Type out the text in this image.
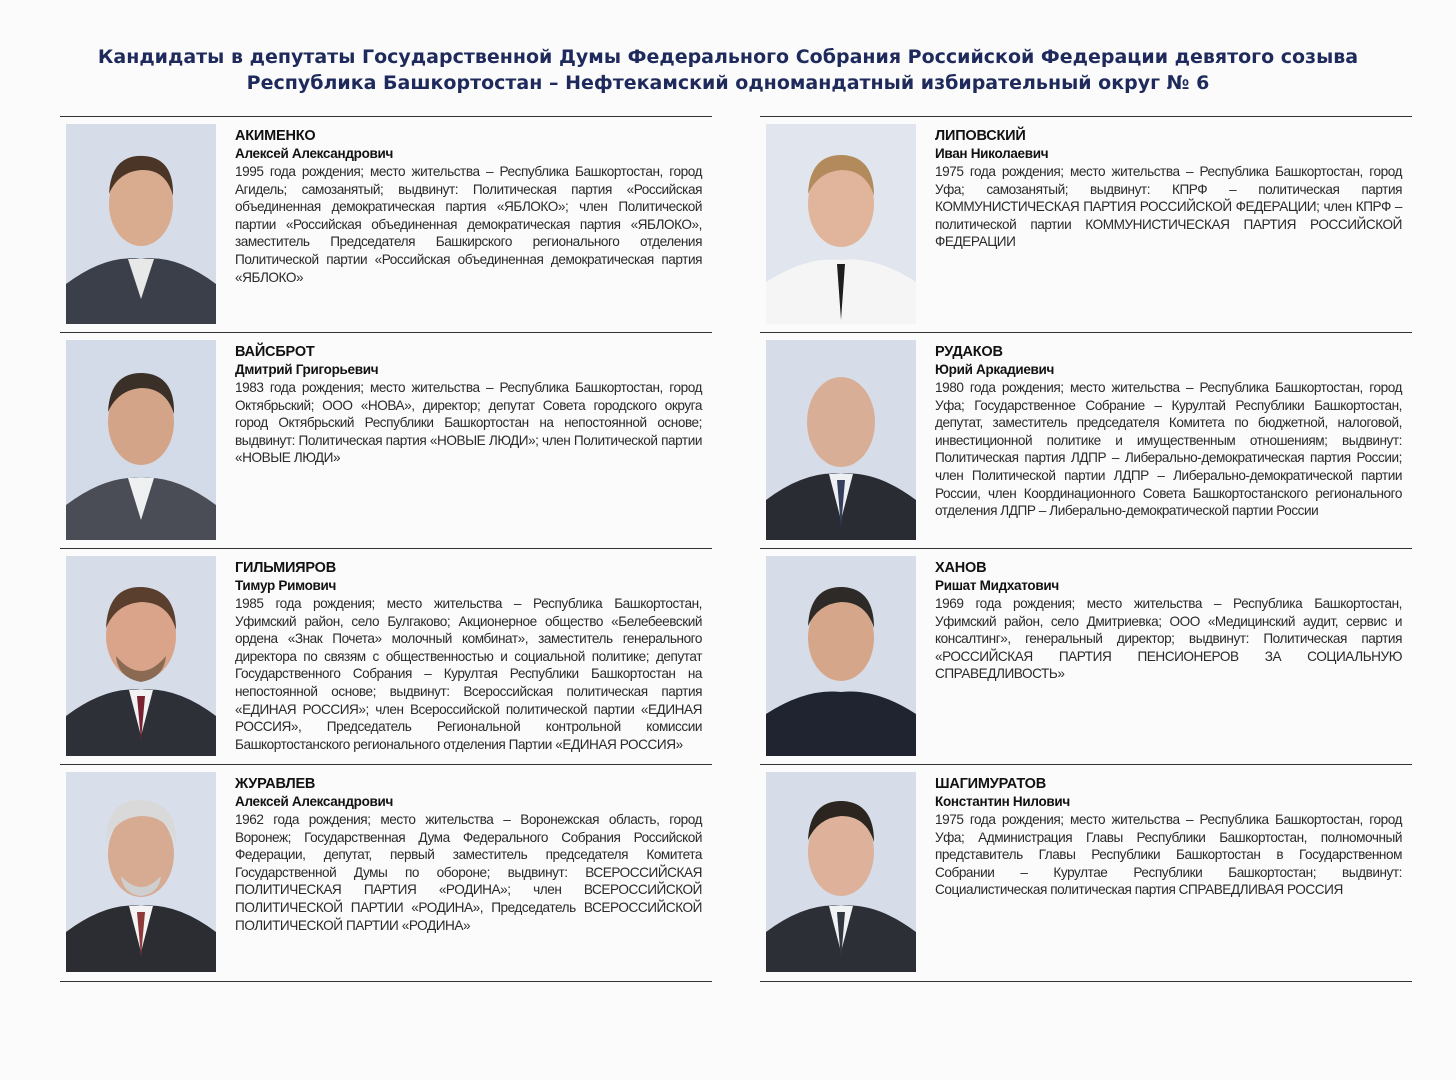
Кандидаты в депутаты Государственной Думы Федерального Собрания Российской Федерации девятого созыва
Республика Башкортостан – Нефтекамский одномандатный избирательный округ № 6
АКИМЕНКО
Алексей Александрович
1995 года рождения; место жительства – Республика Башкортостан, город Агидель; самозанятый; выдвинут: Политическая партия «Российская объединенная демократическая партия «ЯБЛОКО»; член Политической партии «Российская объединенная демократическая партия «ЯБЛОКО», заместитель Председателя Башкирского регионального отделения Политической партии «Российская объединенная демократическая партия «ЯБЛОКО»
ВАЙСБРОТ
Дмитрий Григорьевич
1983 года рождения; место жительства – Республика Башкортостан, город Октябрьский; ООО «НОВА», директор; депутат Совета городского округа город Октябрьский Республики Башкортостан на непостоянной основе; выдвинут: Политическая партия «НОВЫЕ ЛЮДИ»; член Политической партии «НОВЫЕ ЛЮДИ»
ГИЛЬМИЯРОВ
Тимур Римович
1985 года рождения; место жительства – Республика Башкортостан, Уфимский район, село Булгаково; Акционерное общество «Белебеевский ордена «Знак Почета» молочный комбинат», заместитель генерального директора по связям с общественностью и социальной политике; депутат Государственного Собрания – Курултая Республики Башкортостан на непостоянной основе; выдвинут: Всероссийская политическая партия «ЕДИНАЯ РОССИЯ»; член Всероссийской политической партии «ЕДИНАЯ РОССИЯ», Председатель Региональной контрольной комиссии Башкортостанского регионального отделения Партии «ЕДИНАЯ РОССИЯ»
ЖУРАВЛЕВ
Алексей Александрович
1962 года рождения; место жительства – Воронежская область, город Воронеж; Государственная Дума Федерального Собрания Российской Федерации, депутат, первый заместитель председателя Комитета Государственной Думы по обороне; выдвинут: ВСЕРОССИЙСКАЯ ПОЛИТИЧЕСКАЯ ПАРТИЯ «РОДИНА»; член ВСЕРОССИЙСКОЙ ПОЛИТИЧЕСКОЙ ПАРТИИ «РОДИНА», Председатель ВСЕРОССИЙСКОЙ ПОЛИТИЧЕСКОЙ ПАРТИИ «РОДИНА»
ЛИПОВСКИЙ
Иван Николаевич
1975 года рождения; место жительства – Республика Башкортостан, город Уфа; самозанятый; выдвинут: КПРФ – политическая партия КОММУНИСТИЧЕСКАЯ ПАРТИЯ РОССИЙСКОЙ ФЕДЕРАЦИИ; член КПРФ – политической партии КОММУНИСТИЧЕСКАЯ ПАРТИЯ РОССИЙСКОЙ ФЕДЕРАЦИИ
РУДАКОВ
Юрий Аркадиевич
1980 года рождения; место жительства – Республика Башкортостан, город Уфа; Государственное Собрание – Курултай Республики Башкортостан, депутат, заместитель председателя Комитета по бюджетной, налоговой, инвестиционной политике и имущественным отношениям; выдвинут: Политическая партия ЛДПР – Либерально-демократическая партия России; член Политической партии ЛДПР – Либерально-демократической партии России, член Координационного Совета Башкортостанского регионального отделения ЛДПР – Либерально-демократической партии России
ХАНОВ
Ришат Мидхатович
1969 года рождения; место жительства – Республика Башкортостан, Уфимский район, село Дмитриевка; ООО «Медицинский аудит, сервис и консалтинг», генеральный директор; выдвинут: Политическая партия «РОССИЙСКАЯ ПАРТИЯ ПЕНСИОНЕРОВ ЗА СОЦИАЛЬНУЮ СПРАВЕДЛИВОСТЬ»
ШАГИМУРАТОВ
Константин Нилович
1975 года рождения; место жительства – Республика Башкортостан, город Уфа; Администрация Главы Республики Башкортостан, полномочный представитель Главы Республики Башкортостан в Государственном Собрании – Курултае Республики Башкортостан; выдвинут: Социалистическая политическая партия СПРАВЕДЛИВАЯ РОССИЯ
